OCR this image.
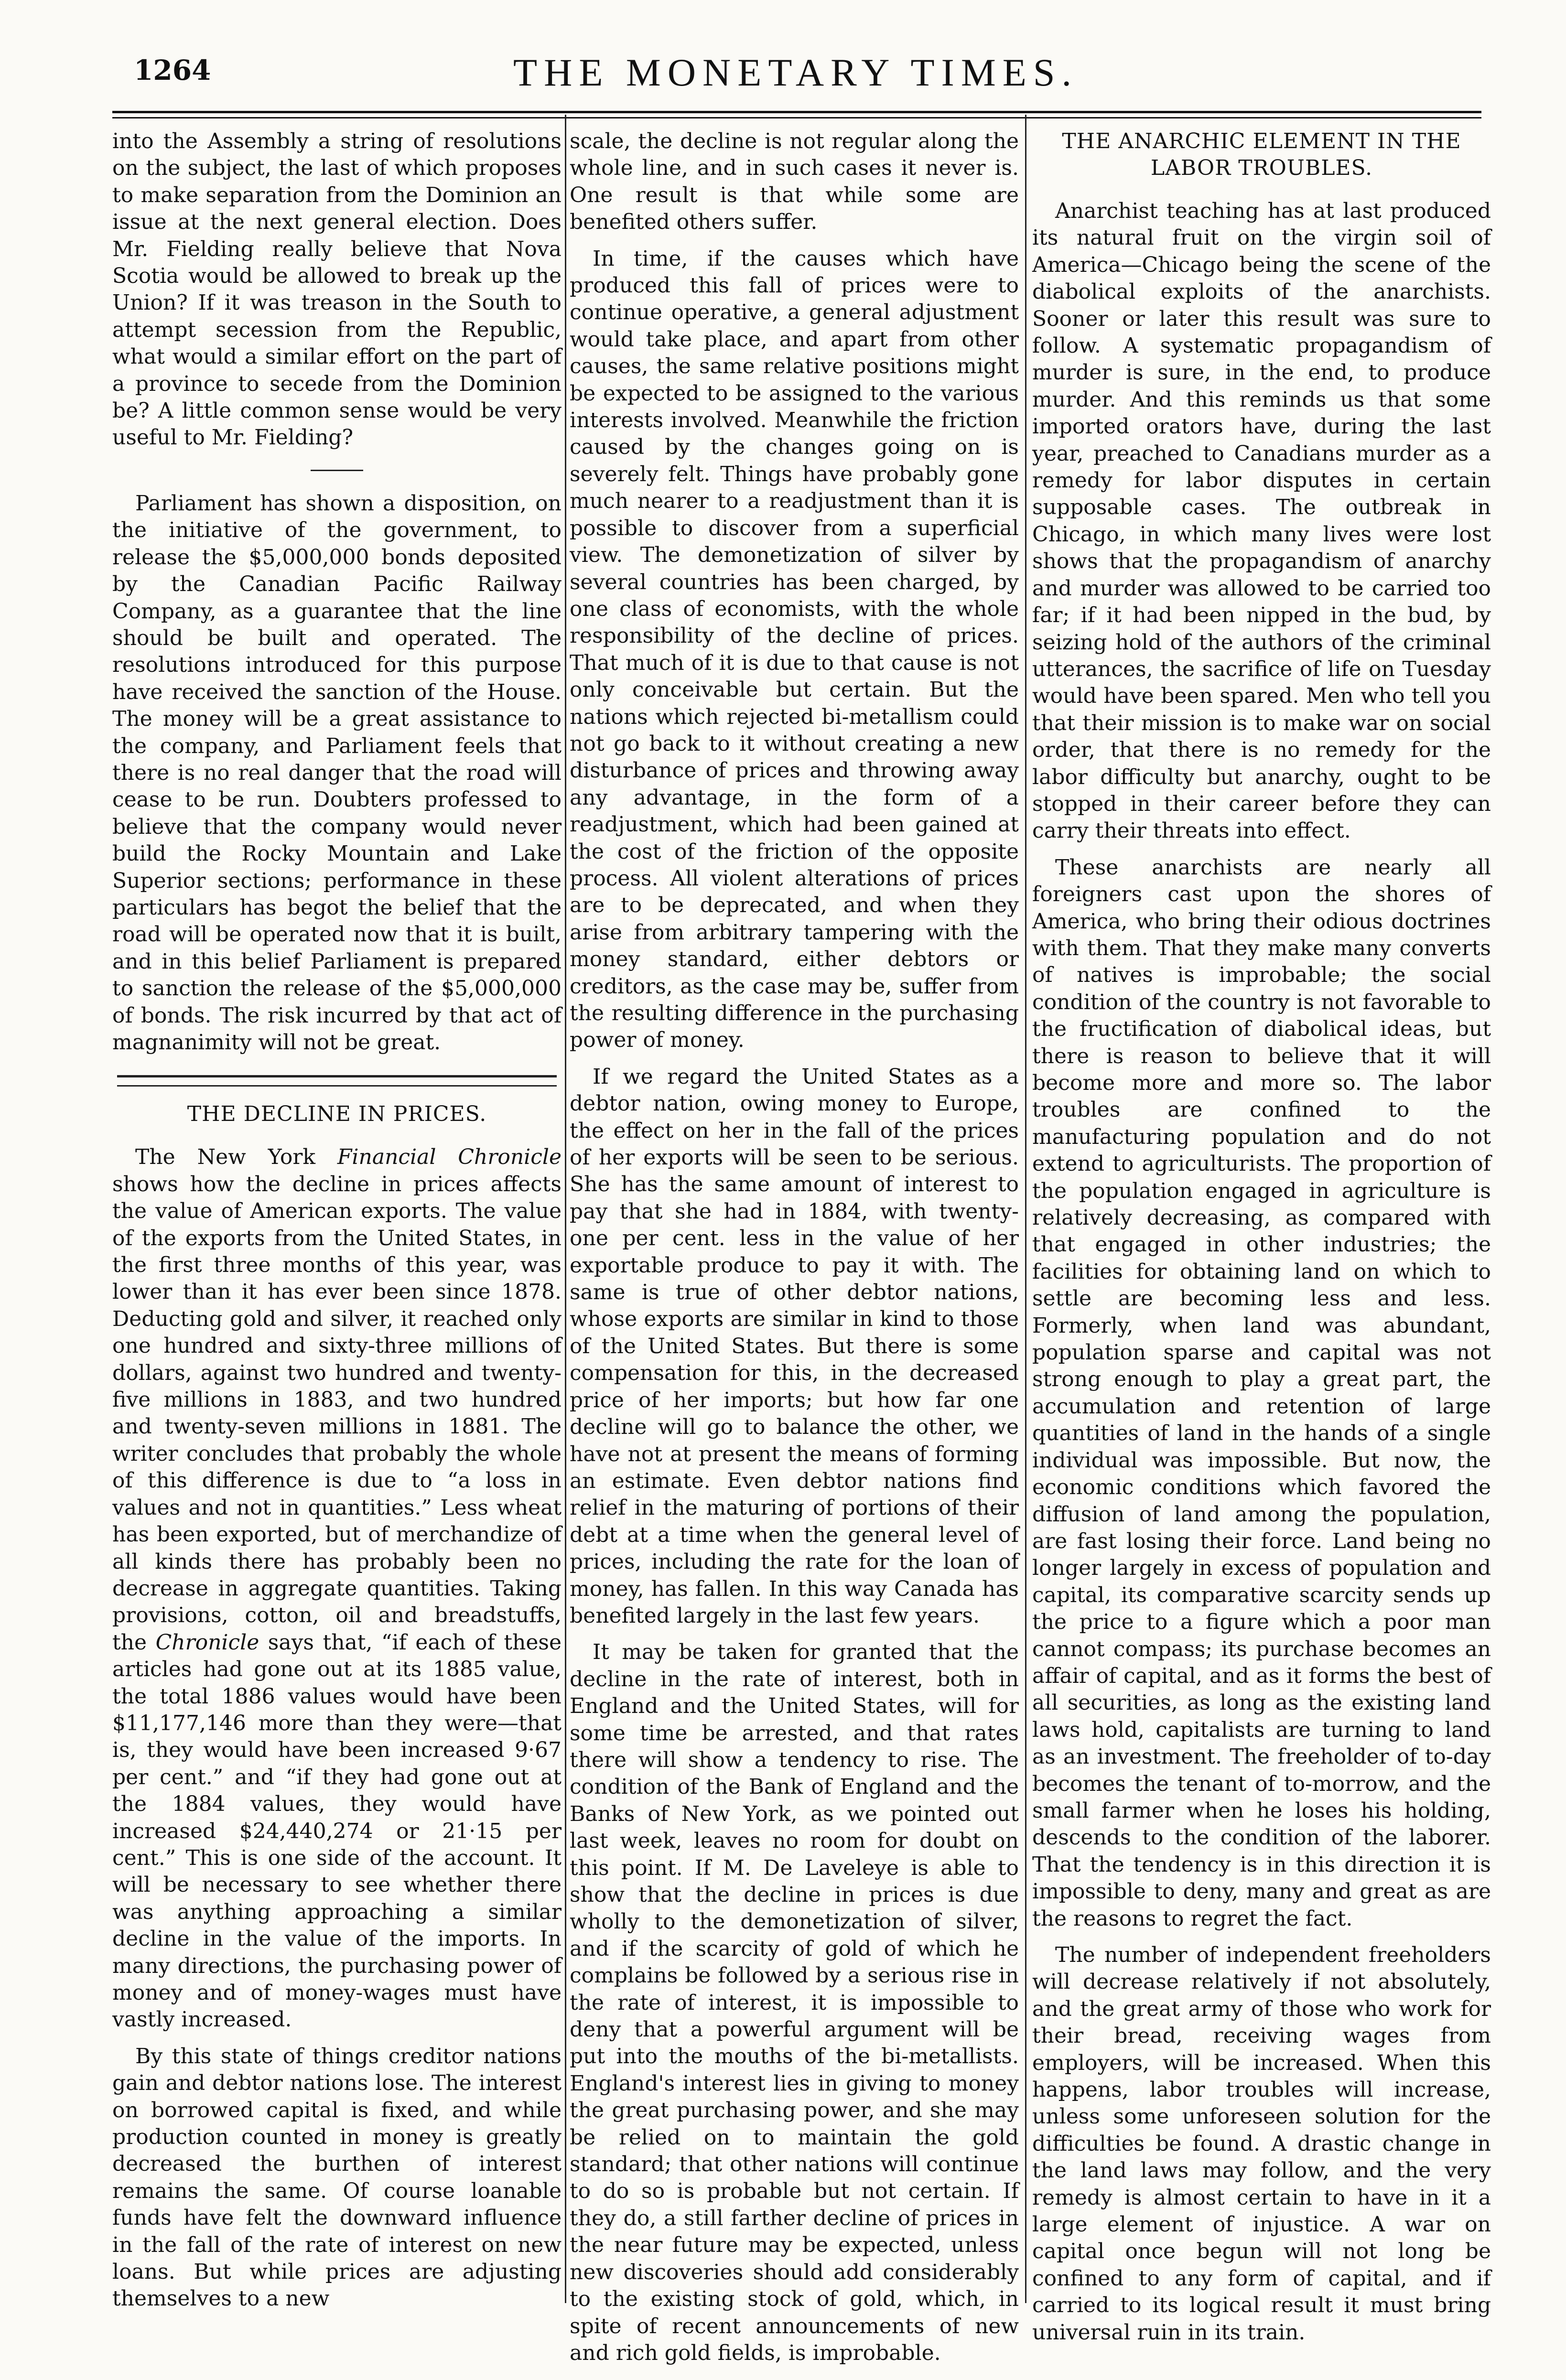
1264	THE MONETARY TIMES.

into the Assembly a string of resolutions on the subject, the last of which proposes to make separation from the Dominion an issue at the next general election. Does Mr. Fielding really believe that Nova Scotia would be allowed to break up the Union? If it was treason in the South to attempt secession from the Republic, what would a similar effort on the part of a province to secede from the Dominion be? A little common sense would be very useful to Mr. Fielding?

Parliament has shown a disposition, on the initiative of the government, to release the $5,000,000 bonds deposited by the Canadian Pacific Railway Company, as a guarantee that the line should be built and operated. The resolutions introduced for this purpose have received the sanction of the House. The money will be a great assistance to the company, and Parliament feels that there is no real danger that the road will cease to be run. Doubters professed to believe that the company would never build the Rocky Mountain and Lake Superior sections; performance in these particulars has begot the belief that the road will be operated now that it is built, and in this belief Parliament is prepared to sanction the release of the $5,000,000 of bonds. The risk incurred by that act of magnanimity will not be great.

THE DECLINE IN PRICES.

The New York Financial Chronicle shows how the decline in prices affects the value of American exports. The value of the exports from the United States, in the first three months of this year, was lower than it has ever been since 1878. Deducting gold and silver, it reached only one hundred and sixty-three millions of dollars, against two hundred and twenty-five millions in 1883, and two hundred and twenty-seven millions in 1881. The writer concludes that probably the whole of this difference is due to “a loss in values and not in quantities.” Less wheat has been exported, but of merchandize of all kinds there has probably been no decrease in aggregate quantities. Taking provisions, cotton, oil and breadstuffs, the Chronicle says that, “if each of these articles had gone out at its 1885 value, the total 1886 values would have been $11,177,146 more than they were—that is, they would have been increased 9·67 per cent.” and “if they had gone out at the 1884 values, they would have increased $24,440,274 or 21·15 per cent.” This is one side of the account. It will be necessary to see whether there was anything approaching a similar decline in the value of the imports. In many directions, the purchasing power of money and of money-wages must have vastly increased.

By this state of things creditor nations gain and debtor nations lose. The interest on borrowed capital is fixed, and while production counted in money is greatly decreased the burthen of interest remains the same. Of course loanable funds have felt the downward influence in the fall of the rate of interest on new loans. But while prices are adjusting themselves to a new

scale, the decline is not regular along the whole line, and in such cases it never is. One result is that while some are benefited others suffer.

In time, if the causes which have produced this fall of prices were to continue operative, a general adjustment would take place, and apart from other causes, the same relative positions might be expected to be assigned to the various interests involved. Meanwhile the friction caused by the changes going on is severely felt. Things have probably gone much nearer to a readjustment than it is possible to discover from a superficial view. The demonetization of silver by several countries has been charged, by one class of economists, with the whole responsibility of the decline of prices. That much of it is due to that cause is not only conceivable but certain. But the nations which rejected bi-metallism could not go back to it without creating a new disturbance of prices and throwing away any advantage, in the form of a readjustment, which had been gained at the cost of the friction of the opposite process. All violent alterations of prices are to be deprecated, and when they arise from arbitrary tampering with the money standard, either debtors or creditors, as the case may be, suffer from the resulting difference in the purchasing power of money.

If we regard the United States as a debtor nation, owing money to Europe, the effect on her in the fall of the prices of her exports will be seen to be serious. She has the same amount of interest to pay that she had in 1884, with twenty-one per cent. less in the value of her exportable produce to pay it with. The same is true of other debtor nations, whose exports are similar in kind to those of the United States. But there is some compensation for this, in the decreased price of her imports; but how far one decline will go to balance the other, we have not at present the means of forming an estimate. Even debtor nations find relief in the maturing of portions of their debt at a time when the general level of prices, including the rate for the loan of money, has fallen. In this way Canada has benefited largely in the last few years.

It may be taken for granted that the decline in the rate of interest, both in England and the United States, will for some time be arrested, and that rates there will show a tendency to rise. The condition of the Bank of England and the Banks of New York, as we pointed out last week, leaves no room for doubt on this point. If M. De Laveleye is able to show that the decline in prices is due wholly to the demonetization of silver, and if the scarcity of gold of which he complains be followed by a serious rise in the rate of interest, it is impossible to deny that a powerful argument will be put into the mouths of the bi-metallists. England's interest lies in giving to money the great purchasing power, and she may be relied on to maintain the gold standard; that other nations will continue to do so is probable but not certain. If they do, a still farther decline of prices in the near future may be expected, unless new discoveries should add considerably to the existing stock of gold, which, in spite of recent announcements of new and rich gold fields, is improbable.

THE ANARCHIC ELEMENT IN THE LABOR TROUBLES.

Anarchist teaching has at last produced its natural fruit on the virgin soil of America—Chicago being the scene of the diabolical exploits of the anarchists. Sooner or later this result was sure to follow. A systematic propagandism of murder is sure, in the end, to produce murder. And this reminds us that some imported orators have, during the last year, preached to Canadians murder as a remedy for labor disputes in certain supposable cases. The outbreak in Chicago, in which many lives were lost shows that the propagandism of anarchy and murder was allowed to be carried too far; if it had been nipped in the bud, by seizing hold of the authors of the criminal utterances, the sacrifice of life on Tuesday would have been spared. Men who tell you that their mission is to make war on social order, that there is no remedy for the labor difficulty but anarchy, ought to be stopped in their career before they can carry their threats into effect.

These anarchists are nearly all foreigners cast upon the shores of America, who bring their odious doctrines with them. That they make many converts of natives is improbable; the social condition of the country is not favorable to the fructification of diabolical ideas, but there is reason to believe that it will become more and more so. The labor troubles are confined to the manufacturing population and do not extend to agriculturists. The proportion of the population engaged in agriculture is relatively decreasing, as compared with that engaged in other industries; the facilities for obtaining land on which to settle are becoming less and less. Formerly, when land was abundant, population sparse and capital was not strong enough to play a great part, the accumulation and retention of large quantities of land in the hands of a single individual was impossible. But now, the economic conditions which favored the diffusion of land among the population, are fast losing their force. Land being no longer largely in excess of population and capital, its comparative scarcity sends up the price to a figure which a poor man cannot compass; its purchase becomes an affair of capital, and as it forms the best of all securities, as long as the existing land laws hold, capitalists are turning to land as an investment. The freeholder of to-day becomes the tenant of to-morrow, and the small farmer when he loses his holding, descends to the condition of the laborer. That the tendency is in this direction it is impossible to deny, many and great as are the reasons to regret the fact.

The number of independent freeholders will decrease relatively if not absolutely, and the great army of those who work for their bread, receiving wages from employers, will be increased. When this happens, labor troubles will increase, unless some unforeseen solution for the difficulties be found. A drastic change in the land laws may follow, and the very remedy is almost certain to have in it a large element of injustice. A war on capital once begun will not long be confined to any form of capital, and if carried to its logical result it must bring universal ruin in its train.
